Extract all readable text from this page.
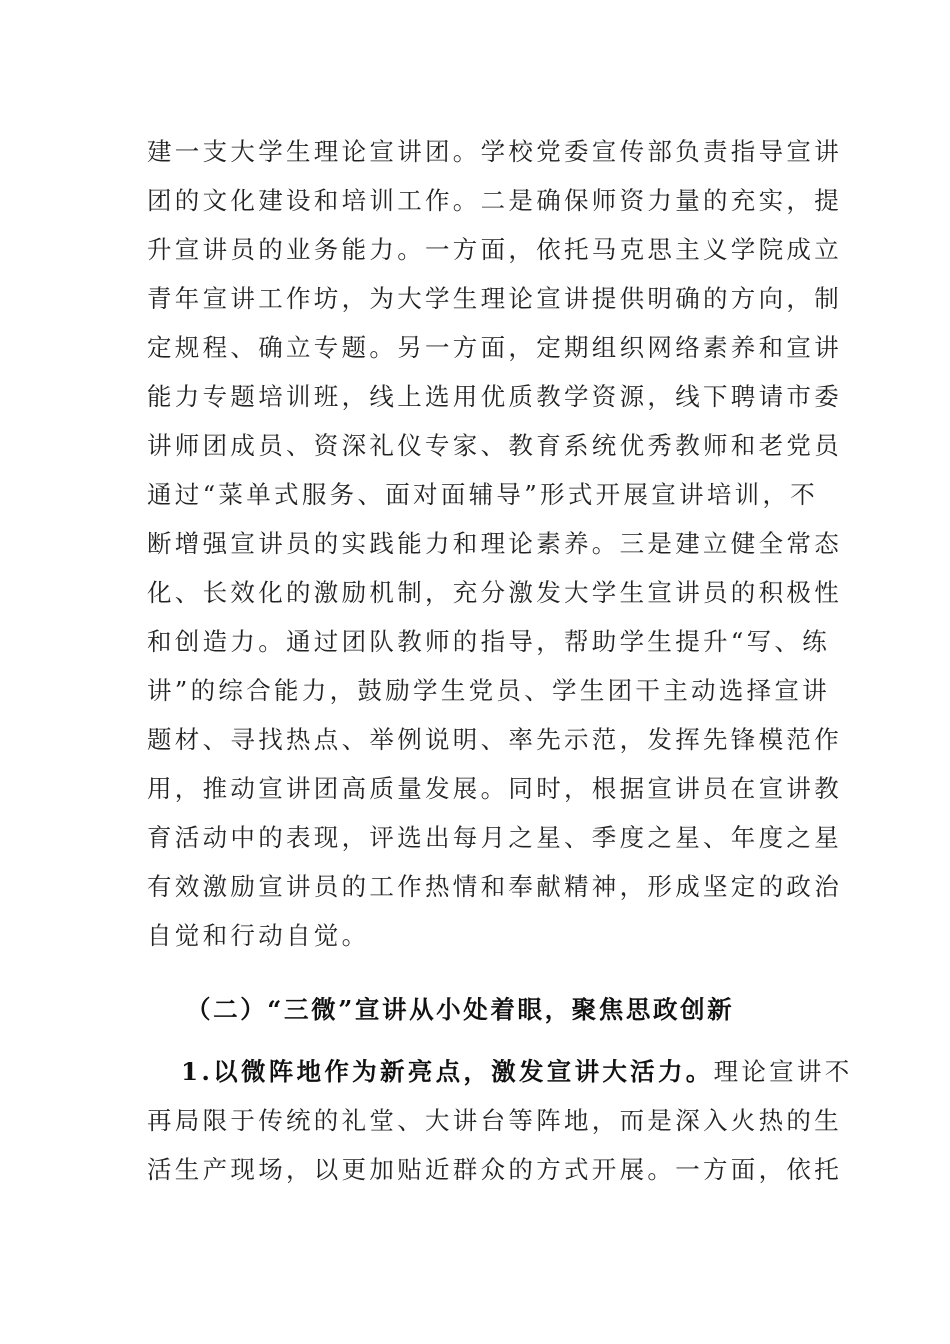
建一支大学生理论宣讲团。学校党委宣传部负责指导宣讲
团的文化建设和培训工作。二是确保师资力量的充实，提
升宣讲员的业务能力。一方面，依托马克思主义学院成立
青年宣讲工作坊，为大学生理论宣讲提供明确的方向，制
定规程、确立专题。另一方面，定期组织网络素养和宣讲
能力专题培训班，线上选用优质教学资源，线下聘请市委
讲师团成员、资深礼仪专家、教育系统优秀教师和老党员
通过“菜单式服务、面对面辅导”形式开展宣讲培训，不
断增强宣讲员的实践能力和理论素养。三是建立健全常态
化、长效化的激励机制，充分激发大学生宣讲员的积极性
和创造力。通过团队教师的指导，帮助学生提升“写、练
讲”的综合能力，鼓励学生党员、学生团干主动选择宣讲
题材、寻找热点、举例说明、率先示范，发挥先锋模范作
用，推动宣讲团高质量发展。同时，根据宣讲员在宣讲教
育活动中的表现，评选出每月之星、季度之星、年度之星
有效激励宣讲员的工作热情和奉献精神，形成坚定的政治
自觉和行动自觉。
（二）“三微”宣讲从小处着眼，聚焦思政创新
1.以微阵地作为新亮点，激发宣讲大活力。理论宣讲不
再局限于传统的礼堂、大讲台等阵地，而是深入火热的生
活生产现场，以更加贴近群众的方式开展。一方面，依托
